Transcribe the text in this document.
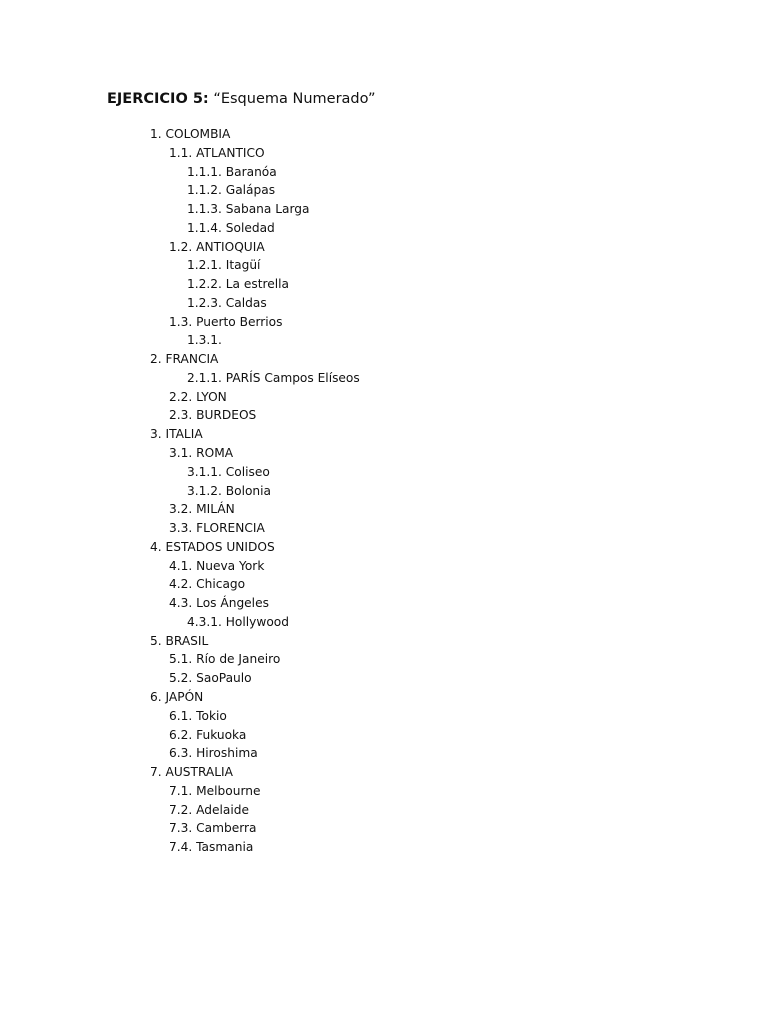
EJERCICIO 5: “Esquema Numerado”
1. COLOMBIA
1.1. ATLANTICO
1.1.1. Baranóa
1.1.2. Galápas
1.1.3. Sabana Larga
1.1.4. Soledad
1.2. ANTIOQUIA
1.2.1. Itagüí
1.2.2. La estrella
1.2.3. Caldas
1.3. Puerto Berrios
1.3.1.
2. FRANCIA
2.1.1. PARÍS Campos Elíseos
2.2. LYON
2.3. BURDEOS
3. ITALIA
3.1. ROMA
3.1.1. Coliseo
3.1.2. Bolonia
3.2. MILÁN
3.3. FLORENCIA
4. ESTADOS UNIDOS
4.1. Nueva York
4.2. Chicago
4.3. Los Ángeles
4.3.1. Hollywood
5. BRASIL
5.1. Río de Janeiro
5.2. SaoPaulo
6. JAPÓN
6.1. Tokio
6.2. Fukuoka
6.3. Hiroshima
7. AUSTRALIA
7.1. Melbourne
7.2. Adelaide
7.3. Camberra
7.4. Tasmania
